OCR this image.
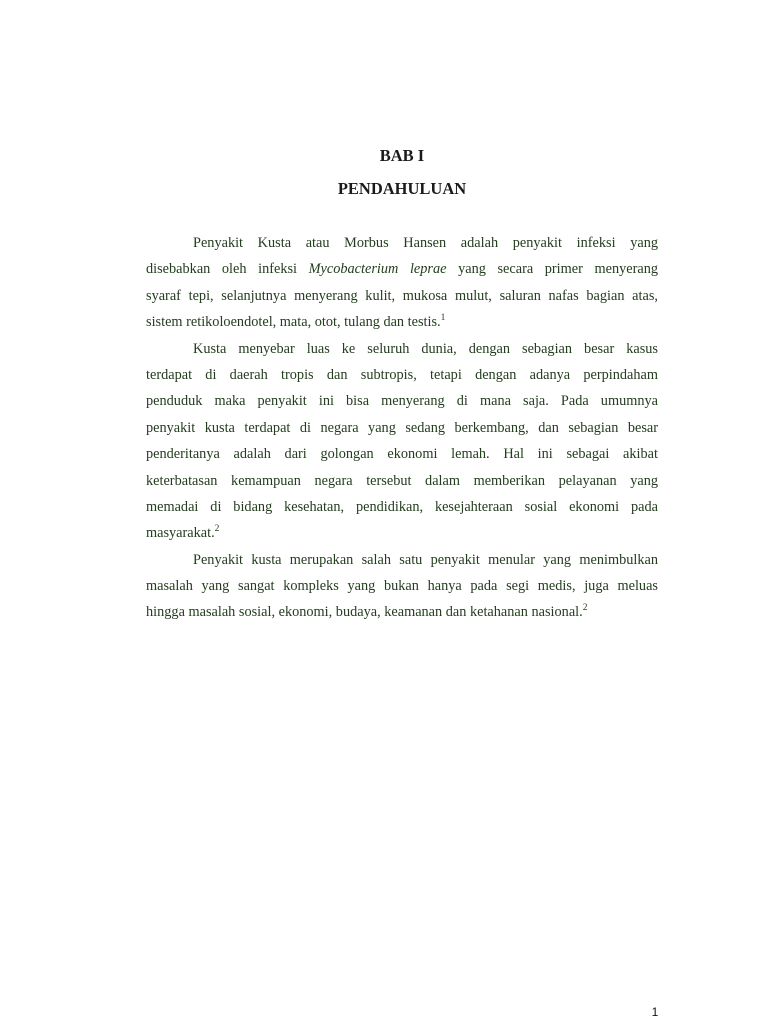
BAB I
PENDAHULUAN
Penyakit Kusta atau Morbus Hansen adalah penyakit infeksi yang
disebabkan oleh infeksi Mycobacterium leprae yang secara primer menyerang
syaraf tepi, selanjutnya menyerang kulit, mukosa mulut, saluran nafas bagian atas,
sistem retikoloendotel, mata, otot, tulang dan testis.$^1$
Kusta menyebar luas ke seluruh dunia, dengan sebagian besar kasus
terdapat di daerah tropis dan subtropis, tetapi dengan adanya perpindaham
penduduk maka penyakit ini bisa menyerang di mana saja. Pada umumnya
penyakit kusta terdapat di negara yang sedang berkembang, dan sebagian besar
penderitanya adalah dari golongan ekonomi lemah. Hal ini sebagai akibat
keterbatasan kemampuan negara tersebut dalam memberikan pelayanan yang
memadai di bidang kesehatan, pendidikan, kesejahteraan sosial ekonomi pada
masyarakat.$^2$
Penyakit kusta merupakan salah satu penyakit menular yang menimbulkan
masalah yang sangat kompleks yang bukan hanya pada segi medis, juga meluas
hingga masalah sosial, ekonomi, budaya, keamanan dan ketahanan nasional.$^2$
1
